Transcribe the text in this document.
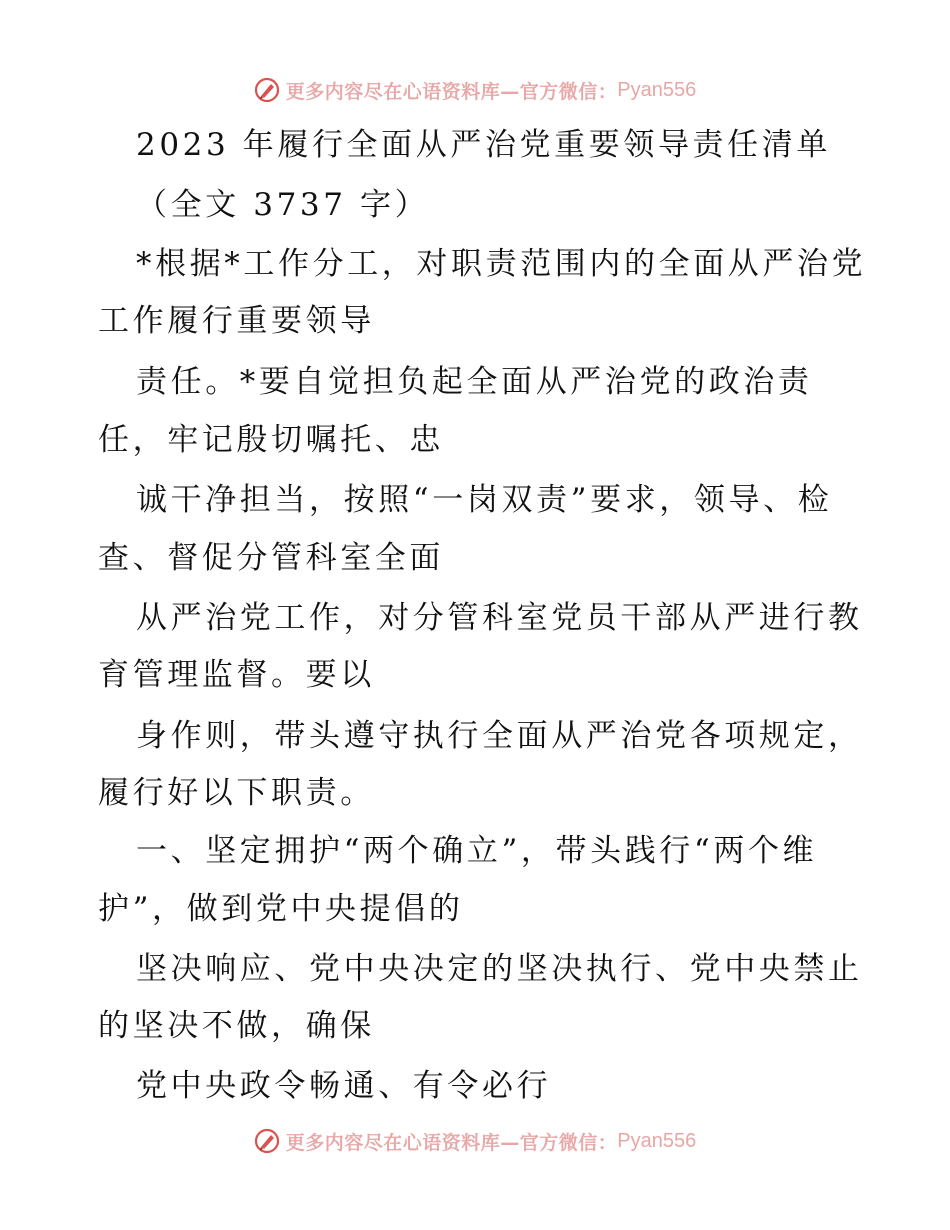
更多内容尽在心语资料库—官方微信： Pyan556
2023 年履行全面从严治党重要领导责任清单
（全文 3737 字）
*根据*工作分工，对职责范围内的全面从严治党
工作履行重要领导
责任。*要自觉担负起全面从严治党的政治责
任，牢记殷切嘱托、忠
诚干净担当，按照“一岗双责”要求，领导、检
查、督促分管科室全面
从严治党工作，对分管科室党员干部从严进行教
育管理监督。要以
身作则，带头遵守执行全面从严治党各项规定，
履行好以下职责。
一、坚定拥护“两个确立”，带头践行“两个维
护”，做到党中央提倡的
坚决响应、党中央决定的坚决执行、党中央禁止
的坚决不做，确保
党中央政令畅通、有令必行
更多内容尽在心语资料库—官方微信： Pyan556
